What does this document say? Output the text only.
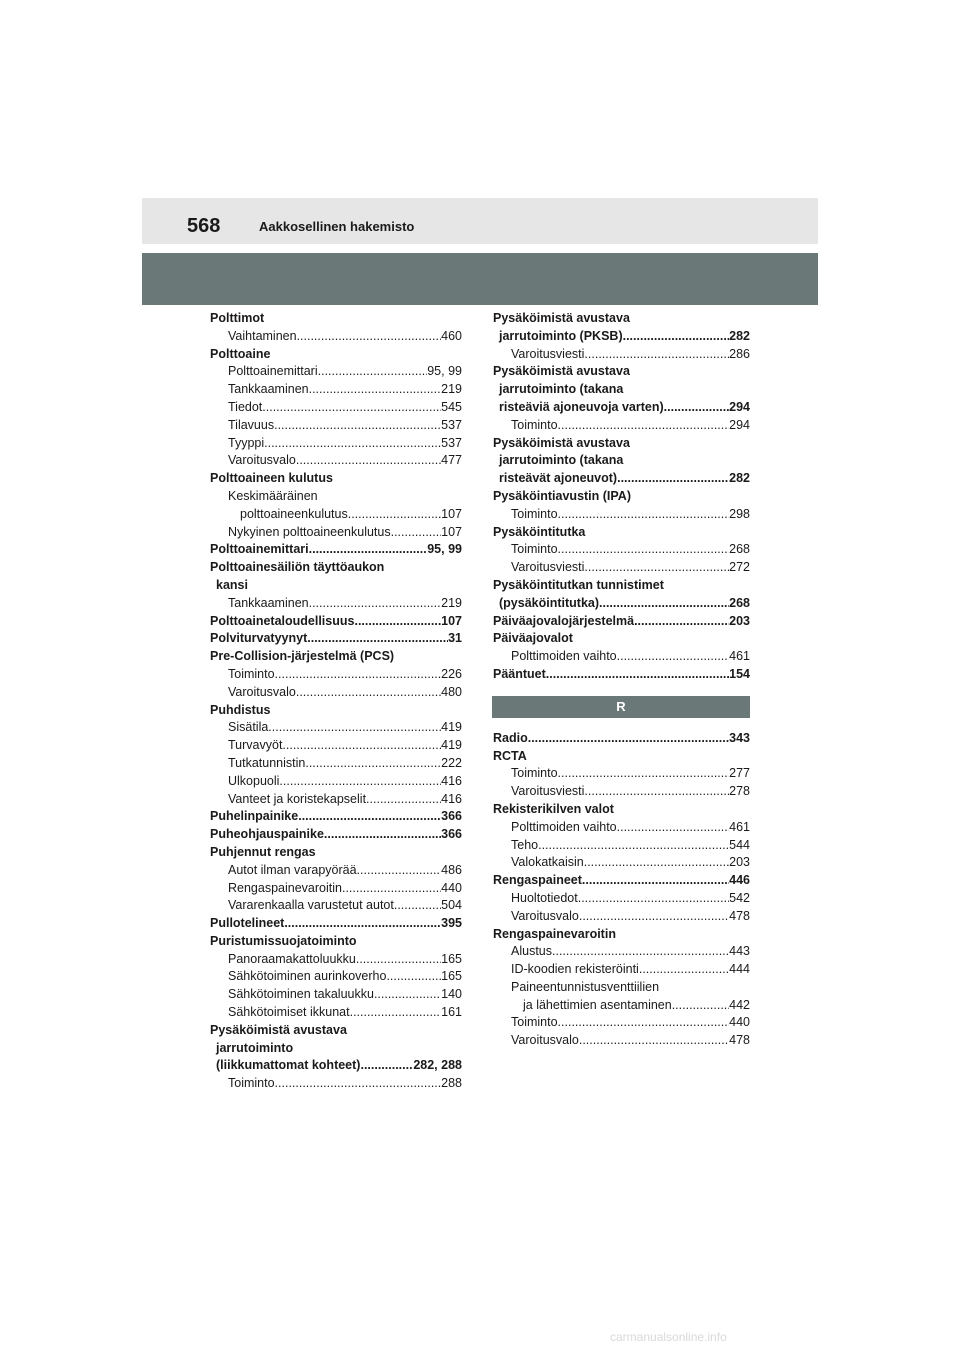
568	Aakkosellinen hakemisto
Polttimot
Vaihtaminen .....	460
Polttoaine
Polttoainemittari .....	95, 99
Tankkaaminen .....	219
Tiedot .....	545
Tilavuus .....	537
Tyyppi .....	537
Varoitusvalo .....	477
Polttoaineen kulutus
Keskimääräinen
polttoaineenkulutus .....	107
Nykyinen polttoaineenkulutus .....	107
Polttoainemittari .....	95, 99
Polttoainesäiliön täyttöaukon
kansi
Tankkaaminen .....	219
Polttoainetaloudellisuus .....	107
Polviturvatyynyt .....	31
Pre-Collision-järjestelmä (PCS)
Toiminto .....	226
Varoitusvalo .....	480
Puhdistus
Sisätila .....	419
Turvavyöt .....	419
Tutkatunnistin .....	222
Ulkopuoli .....	416
Vanteet ja koristekapselit .....	416
Puhelinpainike .....	366
Puheohjauspainike .....	366
Puhjennut rengas
Autot ilman varapyörää .....	486
Rengaspainevaroitin .....	440
Vararenkaalla varustetut autot .....	504
Pullotelineet .....	395
Puristumissuojatoiminto
Panoraamakattoluukku .....	165
Sähkötoiminen aurinkoverho .....	165
Sähkötoiminen takaluukku .....	140
Sähkötoimiset ikkunat .....	161
Pysäköimistä avustava
jarrutoiminto
(liikkumattomat kohteet) .....	282, 288
Toiminto .....	288
Pysäköimistä avustava
jarrutoiminto (PKSB) .....	282
Varoitusviesti .....	286
Pysäköimistä avustava
jarrutoiminto (takana
risteäviä ajoneuvoja varten) .....	294
Toiminto .....	294
Pysäköimistä avustava
jarrutoiminto (takana
risteävät ajoneuvot) .....	282
Pysäköintiavustin (IPA)
Toiminto .....	298
Pysäköintitutka
Toiminto .....	268
Varoitusviesti .....	272
Pysäköintitutkan tunnistimet
(pysäköintitutka) .....	268
Päiväajovalojärjestelmä .....	203
Päiväajovalot
Polttimoiden vaihto .....	461
Pääntuet .....	154
R
Radio .....	343
RCTA
Toiminto .....	277
Varoitusviesti .....	278
Rekisterikilven valot
Polttimoiden vaihto .....	461
Teho .....	544
Valokatkaisin .....	203
Rengaspaineet .....	446
Huoltotiedot .....	542
Varoitusvalo .....	478
Rengaspainevaroitin
Alustus .....	443
ID-koodien rekisteröinti .....	444
Paineentunnistusventtiilien
ja lähettimien asentaminen .....	442
Toiminto .....	440
Varoitusvalo .....	478
carmanualsonline.info
